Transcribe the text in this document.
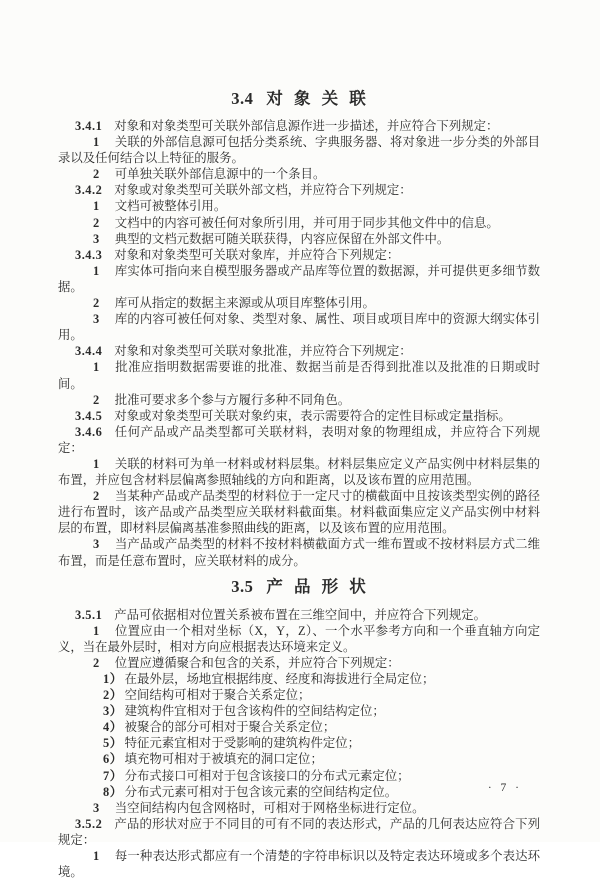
3.4 对 象 关 联

3.4.1 对象和对象类型可关联外部信息源作进一步描述，并应符合下列规定：

1 关联的外部信息源可包括分类系统、字典服务器、将对象进一步分类的外部目录以及任何结合以上特征的服务。

2 可单独关联外部信息源中的一个条目。

3.4.2 对象或对象类型可关联外部文档，并应符合下列规定：

1 文档可被整体引用。

2 文档中的内容可被任何对象所引用，并可用于同步其他文件中的信息。

3 典型的文档元数据可随关联获得，内容应保留在外部文件中。

3.4.3 对象和对象类型可关联对象库，并应符合下列规定：

1 库实体可指向来自模型服务器或产品库等位置的数据源，并可提供更多细节数据。

2 库可从指定的数据主来源或从项目库整体引用。

3 库的内容可被任何对象、类型对象、属性、项目或项目库中的资源大纲实体引用。

3.4.4 对象和对象类型可关联对象批准，并应符合下列规定：

1 批准应指明数据需要谁的批准、数据当前是否得到批准以及批准的日期或时间。

2 批准可要求多个参与方履行多种不同角色。

3.4.5 对象或对象类型可关联对象约束，表示需要符合的定性目标或定量指标。

3.4.6 任何产品或产品类型都可关联材料，表明对象的物理组成，并应符合下列规定：

1 关联的材料可为单一材料或材料层集。材料层集应定义产品实例中材料层集的布置，并应包含材料层偏离参照轴线的方向和距离，以及该布置的应用范围。

2 当某种产品或产品类型的材料位于一定尺寸的横截面中且按该类型实例的路径进行布置时，该产品或产品类型应关联材料截面集。材料截面集应定义产品实例中材料层的布置，即材料层偏离基准参照曲线的距离，以及该布置的应用范围。

3 当产品或产品类型的材料不按材料横截面方式一维布置或不按材料层方式二维布置，而是任意布置时，应关联材料的成分。

3.5 产 品 形 状

3.5.1 产品可依据相对位置关系被布置在三维空间中，并应符合下列规定。

1 位置应由一个相对坐标（X，Y，Z）、一个水平参考方向和一个垂直轴方向定义，当在最外层时，相对方向应根据表达环境来定义。

2 位置应遵循聚合和包含的关系，并应符合下列规定：

1） 在最外层，场地宜根据纬度、经度和海拔进行全局定位；

2） 空间结构可相对于聚合关系定位；

3） 建筑构件宜相对于包含该构件的空间结构定位；

4） 被聚合的部分可相对于聚合关系定位；

5） 特征元素宜相对于受影响的建筑构件定位；

6） 填充物可相对于被填充的洞口定位；

7） 分布式接口可相对于包含该接口的分布式元素定位；

8） 分布式元素可相对于包含该元素的空间结构定位。

3 当空间结构内包含网格时，可相对于网格坐标进行定位。

3.5.2 产品的形状对应于不同目的可有不同的表达形式，产品的几何表达应符合下列规定：

1 每一种表达形式都应有一个清楚的字符串标识以及特定表达环境或多个表达环境。

· 7 ·
